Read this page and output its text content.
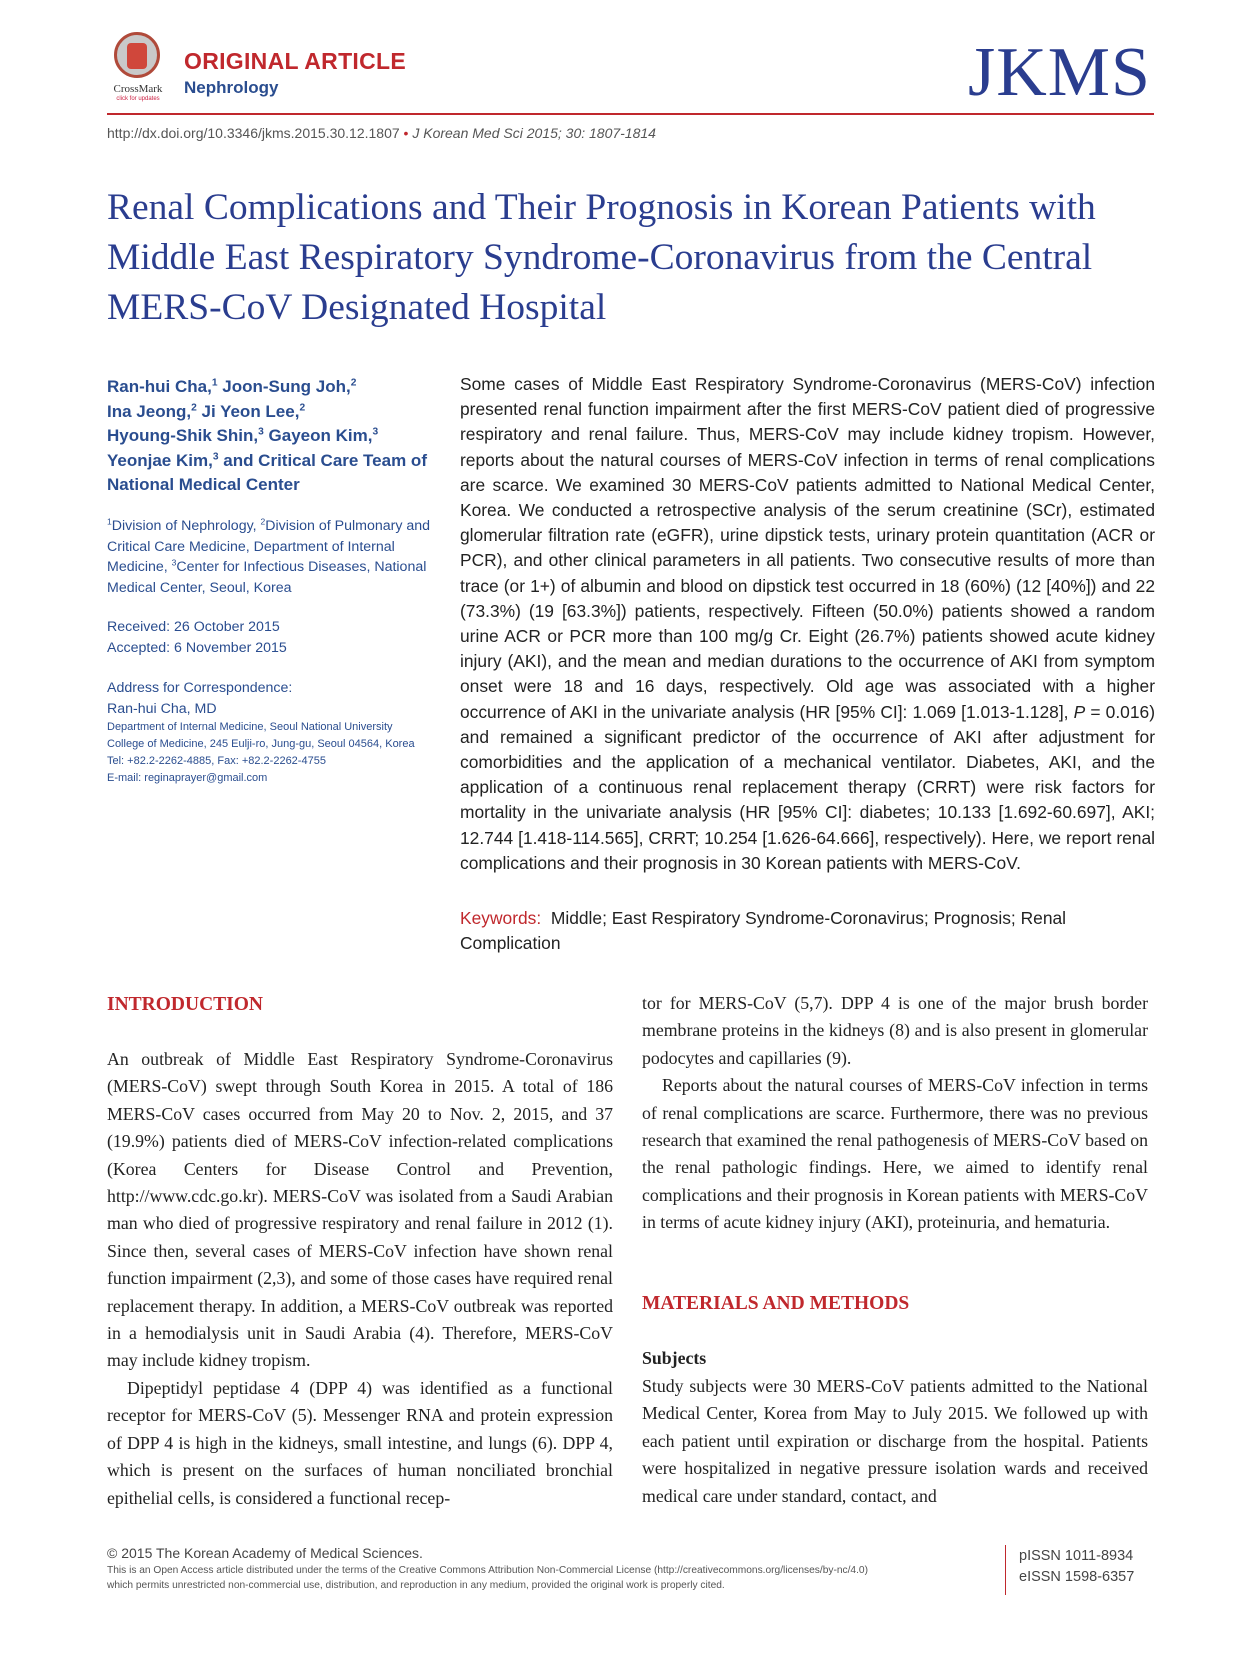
CrossMark
click for updates
ORIGINAL ARTICLE
Nephrology	JKMS
http://dx.doi.org/10.3346/jkms.2015.30.12.1807 • J Korean Med Sci 2015; 30: 1807-1814
Renal Complications and Their Prognosis in Korean Patients with Middle East Respiratory Syndrome-Coronavirus from the Central MERS-CoV Designated Hospital
Ran-hui Cha,$^1$ Joon-Sung Joh,$^2$
Ina Jeong,$^2$ Ji Yeon Lee,$^2$
Hyoung-Shik Shin,$^3$ Gayeon Kim,$^3$
Yeonjae Kim,$^3$ and Critical Care Team of National Medical Center
$^1$Division of Nephrology, $^2$Division of Pulmonary and Critical Care Medicine, Department of Internal Medicine, $^3$Center for Infectious Diseases, National Medical Center, Seoul, Korea
Received: 26 October 2015
Accepted: 6 November 2015
Address for Correspondence:
Ran-hui Cha, MD
Department of Internal Medicine, Seoul National University
College of Medicine, 245 Eulji-ro, Jung-gu, Seoul 04564, Korea
Tel: +82.2-2262-4885, Fax: +82.2-2262-4755
E-mail: reginaprayer@gmail.com

Some cases of Middle East Respiratory Syndrome-Coronavirus (MERS-CoV) infection presented renal function impairment after the first MERS-CoV patient died of progressive respiratory and renal failure. Thus, MERS-CoV may include kidney tropism. However, reports about the natural courses of MERS-CoV infection in terms of renal complications are scarce. We examined 30 MERS-CoV patients admitted to National Medical Center, Korea. We conducted a retrospective analysis of the serum creatinine (SCr), estimated glomerular filtration rate (eGFR), urine dipstick tests, urinary protein quantitation (ACR or PCR), and other clinical parameters in all patients. Two consecutive results of more than trace (or 1+) of albumin and blood on dipstick test occurred in 18 (60%) (12 [40%]) and 22 (73.3%) (19 [63.3%]) patients, respectively. Fifteen (50.0%) patients showed a random urine ACR or PCR more than 100 mg/g Cr. Eight (26.7%) patients showed acute kidney injury (AKI), and the mean and median durations to the occurrence of AKI from symptom onset were 18 and 16 days, respectively. Old age was associated with a higher occurrence of AKI in the univariate analysis (HR [95% CI]: 1.069 [1.013-1.128], P = 0.016) and remained a significant predictor of the occurrence of AKI after adjustment for comorbidities and the application of a mechanical ventilator. Diabetes, AKI, and the application of a continuous renal replacement therapy (CRRT) were risk factors for mortality in the univariate analysis (HR [95% CI]: diabetes; 10.133 [1.692-60.697], AKI; 12.744 [1.418-114.565], CRRT; 10.254 [1.626-64.666], respectively). Here, we report renal complications and their prognosis in 30 Korean patients with MERS-CoV.

Keywords: Middle; East Respiratory Syndrome-Coronavirus; Prognosis; Renal Complication
INTRODUCTION

An outbreak of Middle East Respiratory Syndrome-Coronavirus (MERS-CoV) swept through South Korea in 2015. A total of 186 MERS-CoV cases occurred from May 20 to Nov. 2, 2015, and 37 (19.9%) patients died of MERS-CoV infection-related complications (Korea Centers for Disease Control and Prevention, http://www.cdc.go.kr). MERS-CoV was isolated from a Saudi Arabian man who died of progressive respiratory and renal failure in 2012 (1). Since then, several cases of MERS-CoV infection have shown renal function impairment (2,3), and some of those cases have required renal replacement therapy. In addition, a MERS-CoV outbreak was reported in a hemodialysis unit in Saudi Arabia (4). Therefore, MERS-CoV may include kidney tropism.

Dipeptidyl peptidase 4 (DPP 4) was identified as a functional receptor for MERS-CoV (5). Messenger RNA and protein expression of DPP 4 is high in the kidneys, small intestine, and lungs (6). DPP 4, which is present on the surfaces of human nonciliated bronchial epithelial cells, is considered a functional recep-

tor for MERS-CoV (5,7). DPP 4 is one of the major brush border membrane proteins in the kidneys (8) and is also present in glomerular podocytes and capillaries (9).

Reports about the natural courses of MERS-CoV infection in terms of renal complications are scarce. Furthermore, there was no previous research that examined the renal pathogenesis of MERS-CoV based on the renal pathologic findings. Here, we aimed to identify renal complications and their prognosis in Korean patients with MERS-CoV in terms of acute kidney injury (AKI), proteinuria, and hematuria.

MATERIALS AND METHODS
Subjects

Study subjects were 30 MERS-CoV patients admitted to the National Medical Center, Korea from May to July 2015. We followed up with each patient until expiration or discharge from the hospital. Patients were hospitalized in negative pressure isolation wards and received medical care under standard, contact, and

© 2015 The Korean Academy of Medical Sciences.
This is an Open Access article distributed under the terms of the Creative Commons Attribution Non-Commercial License (http://creativecommons.org/licenses/by-nc/4.0)
which permits unrestricted non-commercial use, distribution, and reproduction in any medium, provided the original work is properly cited.
pISSN 1011-8934
eISSN 1598-6357
